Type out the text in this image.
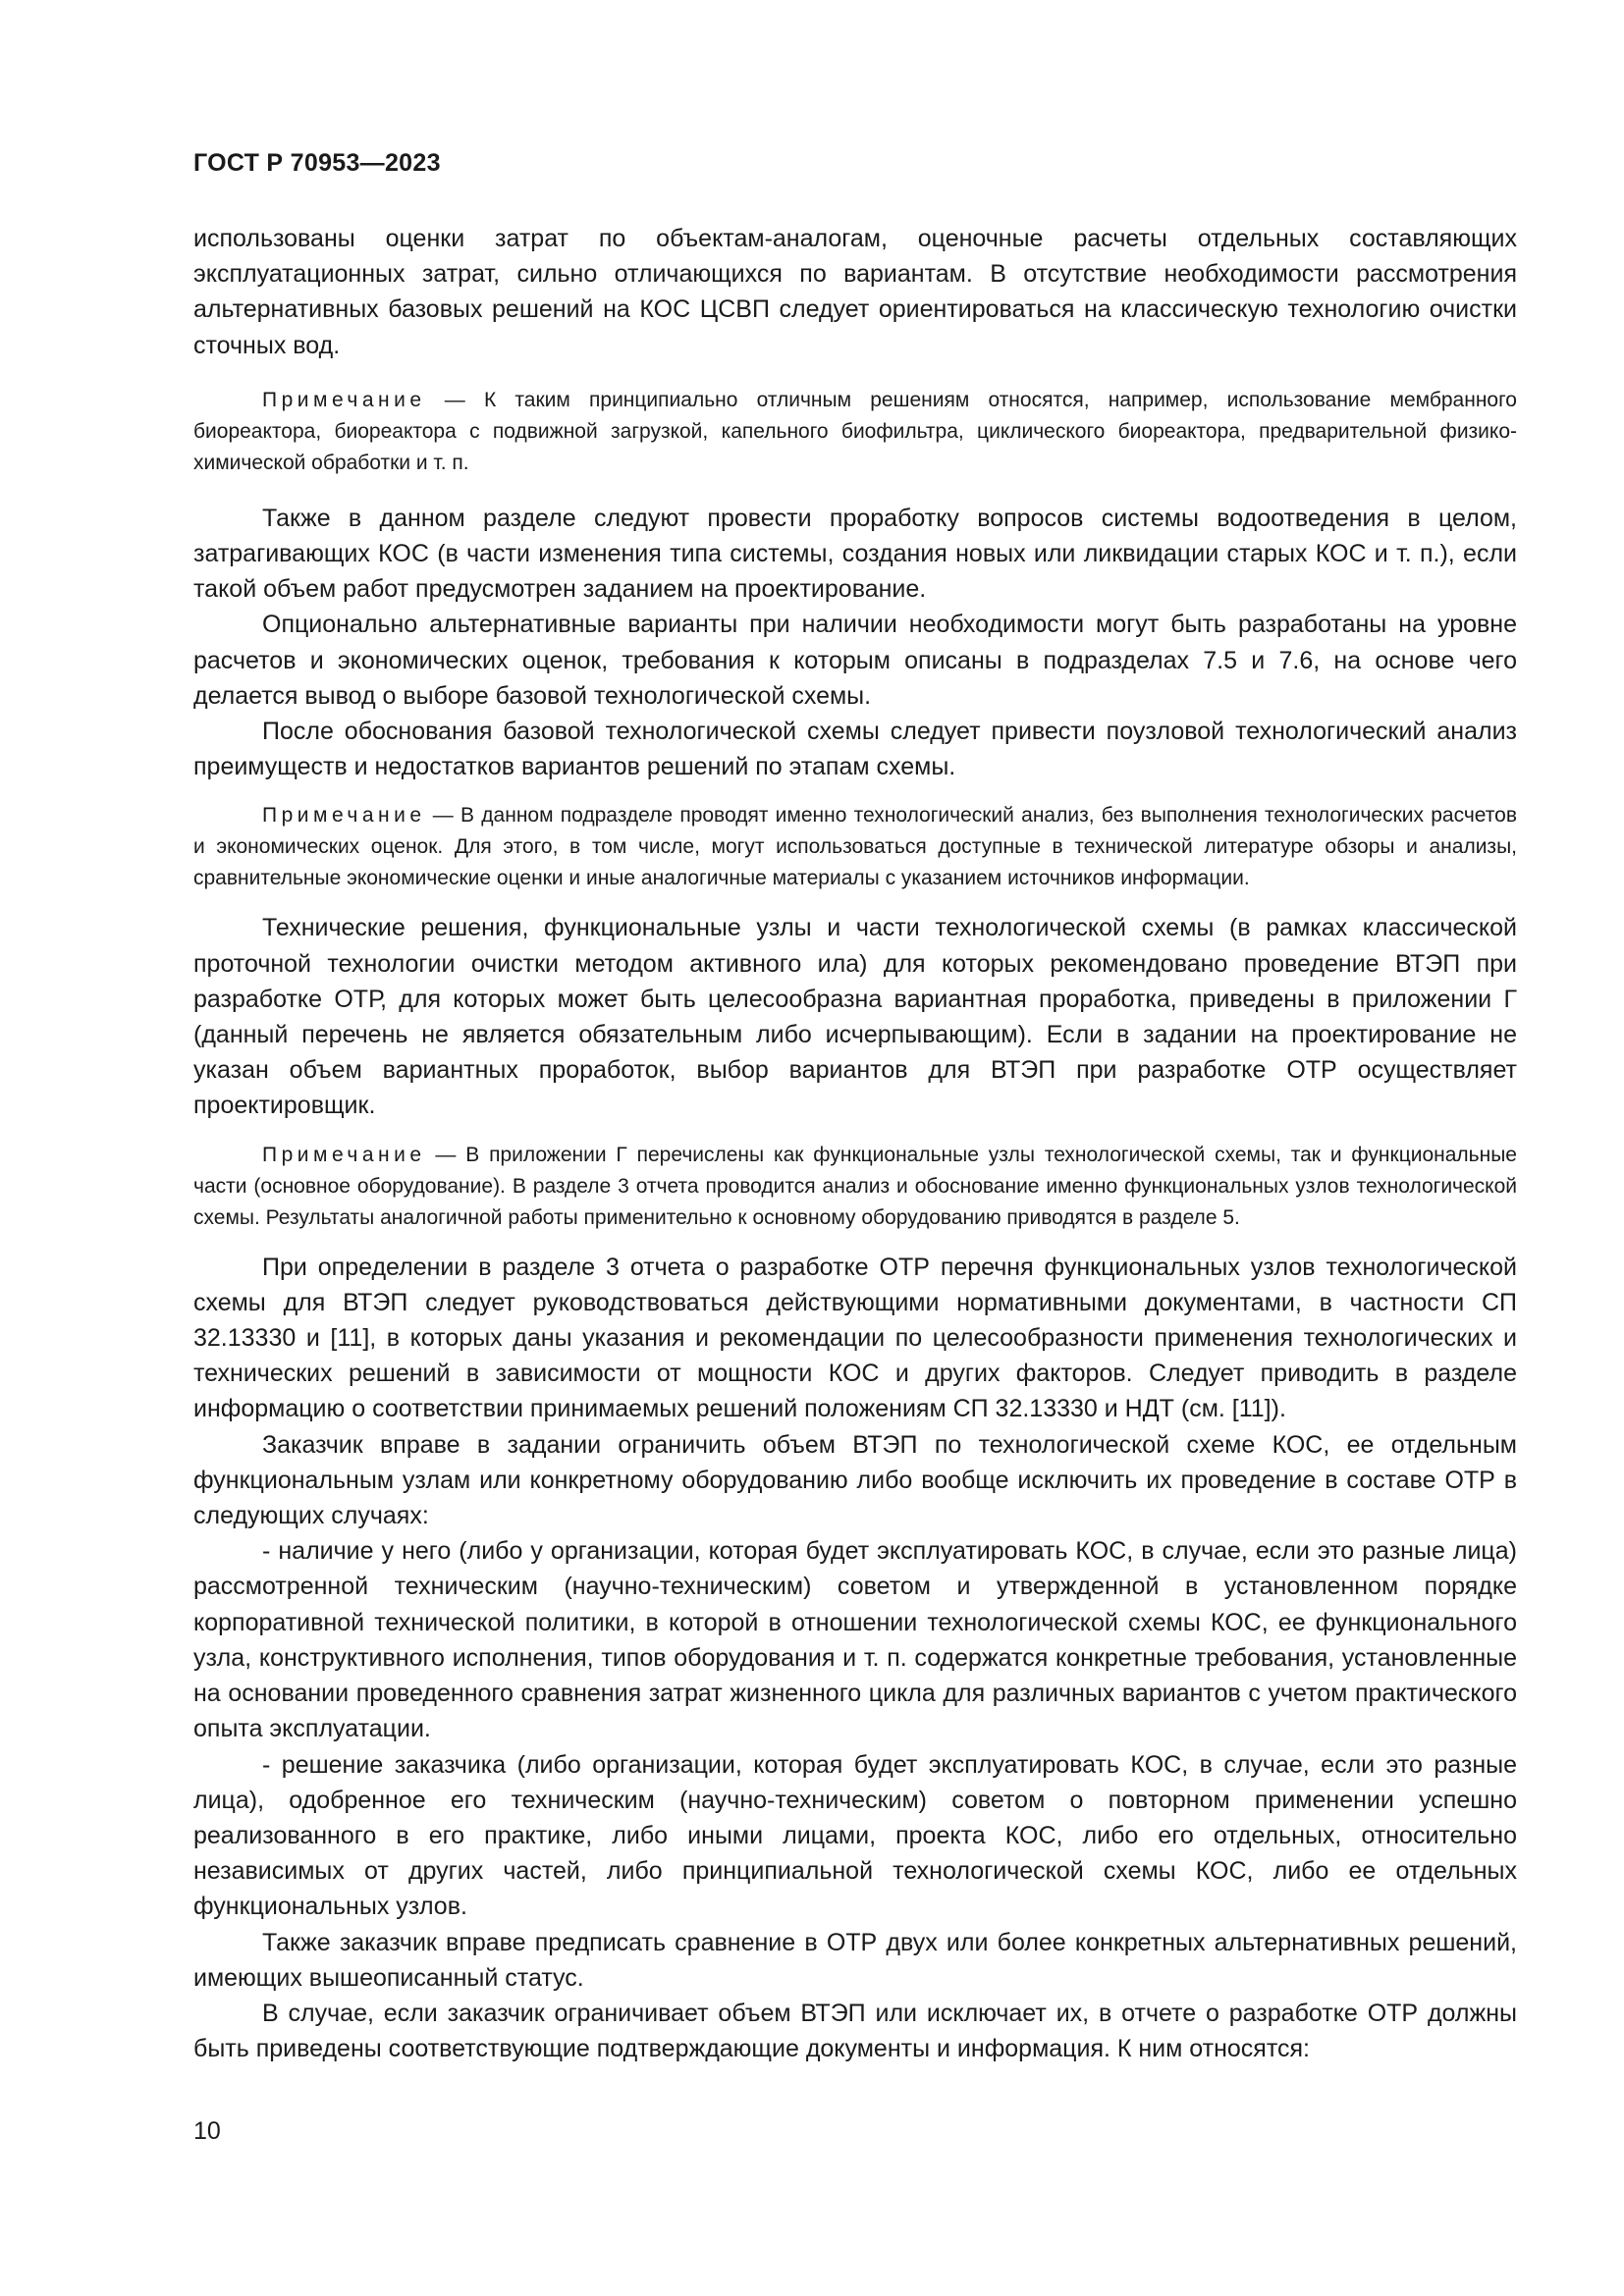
ГОСТ Р 70953—2023

использованы оценки затрат по объектам-аналогам, оценочные расчеты отдельных составляющих эксплуатационных затрат, сильно отличающихся по вариантам. В отсутствие необходимости рассмотрения альтернативных базовых решений на КОС ЦСВП следует ориентироваться на классическую технологию очистки сточных вод.

Примечание — К таким принципиально отличным решениям относятся, например, использование мембранного биореактора, биореактора с подвижной загрузкой, капельного биофильтра, циклического биореактора, предварительной физико-химической обработки и т. п.

Также в данном разделе следуют провести проработку вопросов системы водоотведения в целом, затрагивающих КОС (в части изменения типа системы, создания новых или ликвидации старых КОС и т. п.), если такой объем работ предусмотрен заданием на проектирование.

Опционально альтернативные варианты при наличии необходимости могут быть разработаны на уровне расчетов и экономических оценок, требования к которым описаны в подразделах 7.5 и 7.6, на основе чего делается вывод о выборе базовой технологической схемы.

После обоснования базовой технологической схемы следует привести поузловой технологический анализ преимуществ и недостатков вариантов решений по этапам схемы.

Примечание — В данном подразделе проводят именно технологический анализ, без выполнения технологических расчетов и экономических оценок. Для этого, в том числе, могут использоваться доступные в технической литературе обзоры и анализы, сравнительные экономические оценки и иные аналогичные материалы с указанием источников информации.

Технические решения, функциональные узлы и части технологической схемы (в рамках классической проточной технологии очистки методом активного ила) для которых рекомендовано проведение ВТЭП при разработке ОТР, для которых может быть целесообразна вариантная проработка, приведены в приложении Г (данный перечень не является обязательным либо исчерпывающим). Если в задании на проектирование не указан объем вариантных проработок, выбор вариантов для ВТЭП при разработке ОТР осуществляет проектировщик.

Примечание — В приложении Г перечислены как функциональные узлы технологической схемы, так и функциональные части (основное оборудование). В разделе 3 отчета проводится анализ и обоснование именно функциональных узлов технологической схемы. Результаты аналогичной работы применительно к основному оборудованию приводятся в разделе 5.

При определении в разделе 3 отчета о разработке ОТР перечня функциональных узлов технологической схемы для ВТЭП следует руководствоваться действующими нормативными документами, в частности СП 32.13330 и [11], в которых даны указания и рекомендации по целесообразности применения технологических и технических решений в зависимости от мощности КОС и других факторов. Следует приводить в разделе информацию о соответствии принимаемых решений положениям СП 32.13330 и НДТ (см. [11]).

Заказчик вправе в задании ограничить объем ВТЭП по технологической схеме КОС, ее отдельным функциональным узлам или конкретному оборудованию либо вообще исключить их проведение в составе ОТР в следующих случаях:

- наличие у него (либо у организации, которая будет эксплуатировать КОС, в случае, если это разные лица) рассмотренной техническим (научно-техническим) советом и утвержденной в установленном порядке корпоративной технической политики, в которой в отношении технологической схемы КОС, ее функционального узла, конструктивного исполнения, типов оборудования и т. п. содержатся конкретные требования, установленные на основании проведенного сравнения затрат жизненного цикла для различных вариантов с учетом практического опыта эксплуатации.

- решение заказчика (либо организации, которая будет эксплуатировать КОС, в случае, если это разные лица), одобренное его техническим (научно-техническим) советом о повторном применении успешно реализованного в его практике, либо иными лицами, проекта КОС, либо его отдельных, относительно независимых от других частей, либо принципиальной технологической схемы КОС, либо ее отдельных функциональных узлов.

Также заказчик вправе предписать сравнение в ОТР двух или более конкретных альтернативных решений, имеющих вышеописанный статус.

В случае, если заказчик ограничивает объем ВТЭП или исключает их, в отчете о разработке ОТР должны быть приведены соответствующие подтверждающие документы и информация. К ним относятся:

10
